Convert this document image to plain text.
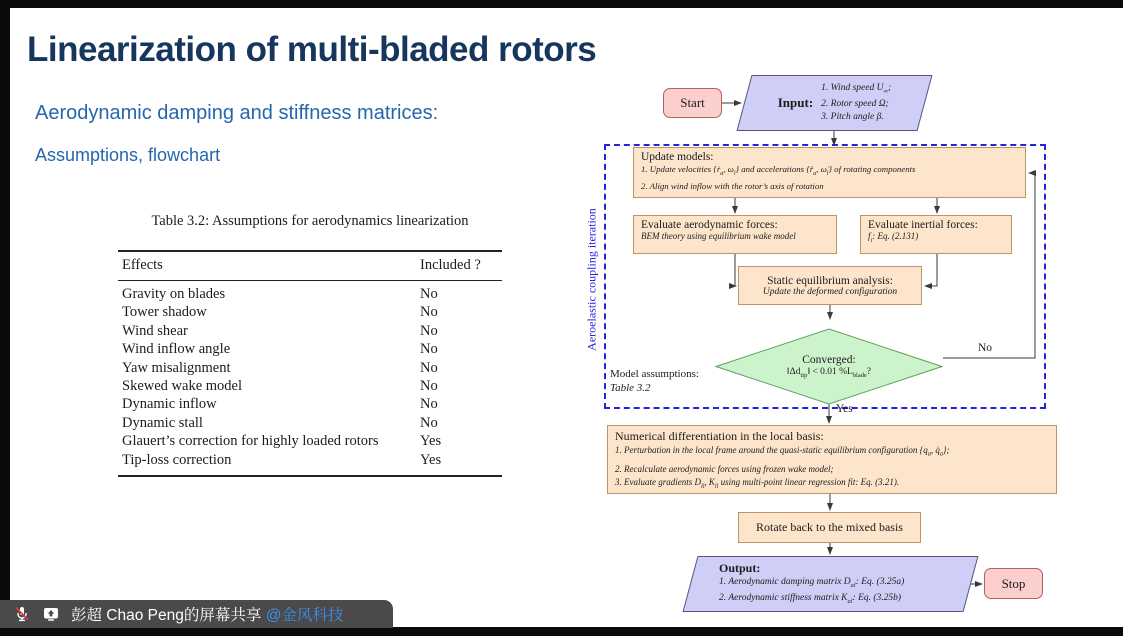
Linearization of multi-bladed rotors
Aerodynamic damping and stiffness matrices:
Assumptions, flowchart
Table 3.2: Assumptions for aerodynamics linearization
Effects	Included ?
Gravity on blades	No
Tower shadow	No
Wind shear	No
Wind inflow angle	No
Yaw misalignment	No
Skewed wake model	No
Dynamic inflow	No
Dynamic stall	No
Glauert’s correction for highly loaded rotors	Yes
Tip-loss correction	Yes
Aeroelastic coupling iteration
Start	Input:
1. Wind speed $U_\infty$;
2. Rotor speed Ω;
3. Pitch angle β.
Update models:
1. Update velocities {ṙ$_a$, $\omega_l$} and accelerations {$r̈_a$, $\omegȧ_l$} of rotating components
2. Align wind inflow with the rotor’s axis of rotation
Evaluate aerodynamic forces:
BEM theory using equilibrium wake model
Evaluate inertial forces:
$f_i$: Eq. (2.131)
Static equilibrium analysis:
Update the deformed configuration
Converged:
$‖\Delta d_{tip}‖ < 0.01$ $\%L_{blade}$?
No
Yes
Model assumptions:
Table 3.2
Numerical differentiation in the local basis:
1. Perturbation in the local frame around the quasi-static equilibrium configuration {$q_0$, $q̇_0$};
2. Recalculate aerodynamic forces using frozen wake model;
3. Evaluate gradients $D_{ll}$, $K_{ll}$ using multi-point linear regression fit: Eq. (3.21).
Rotate back to the mixed basis
Output:
1. Aerodynamic damping matrix $D_{al}$: Eq. (3.25a)
2. Aerodynamic stiffness matrix $K_{al}$: Eq. (3.25b)
Stop
彭超 Chao Peng的屏幕共享 @金风科技
